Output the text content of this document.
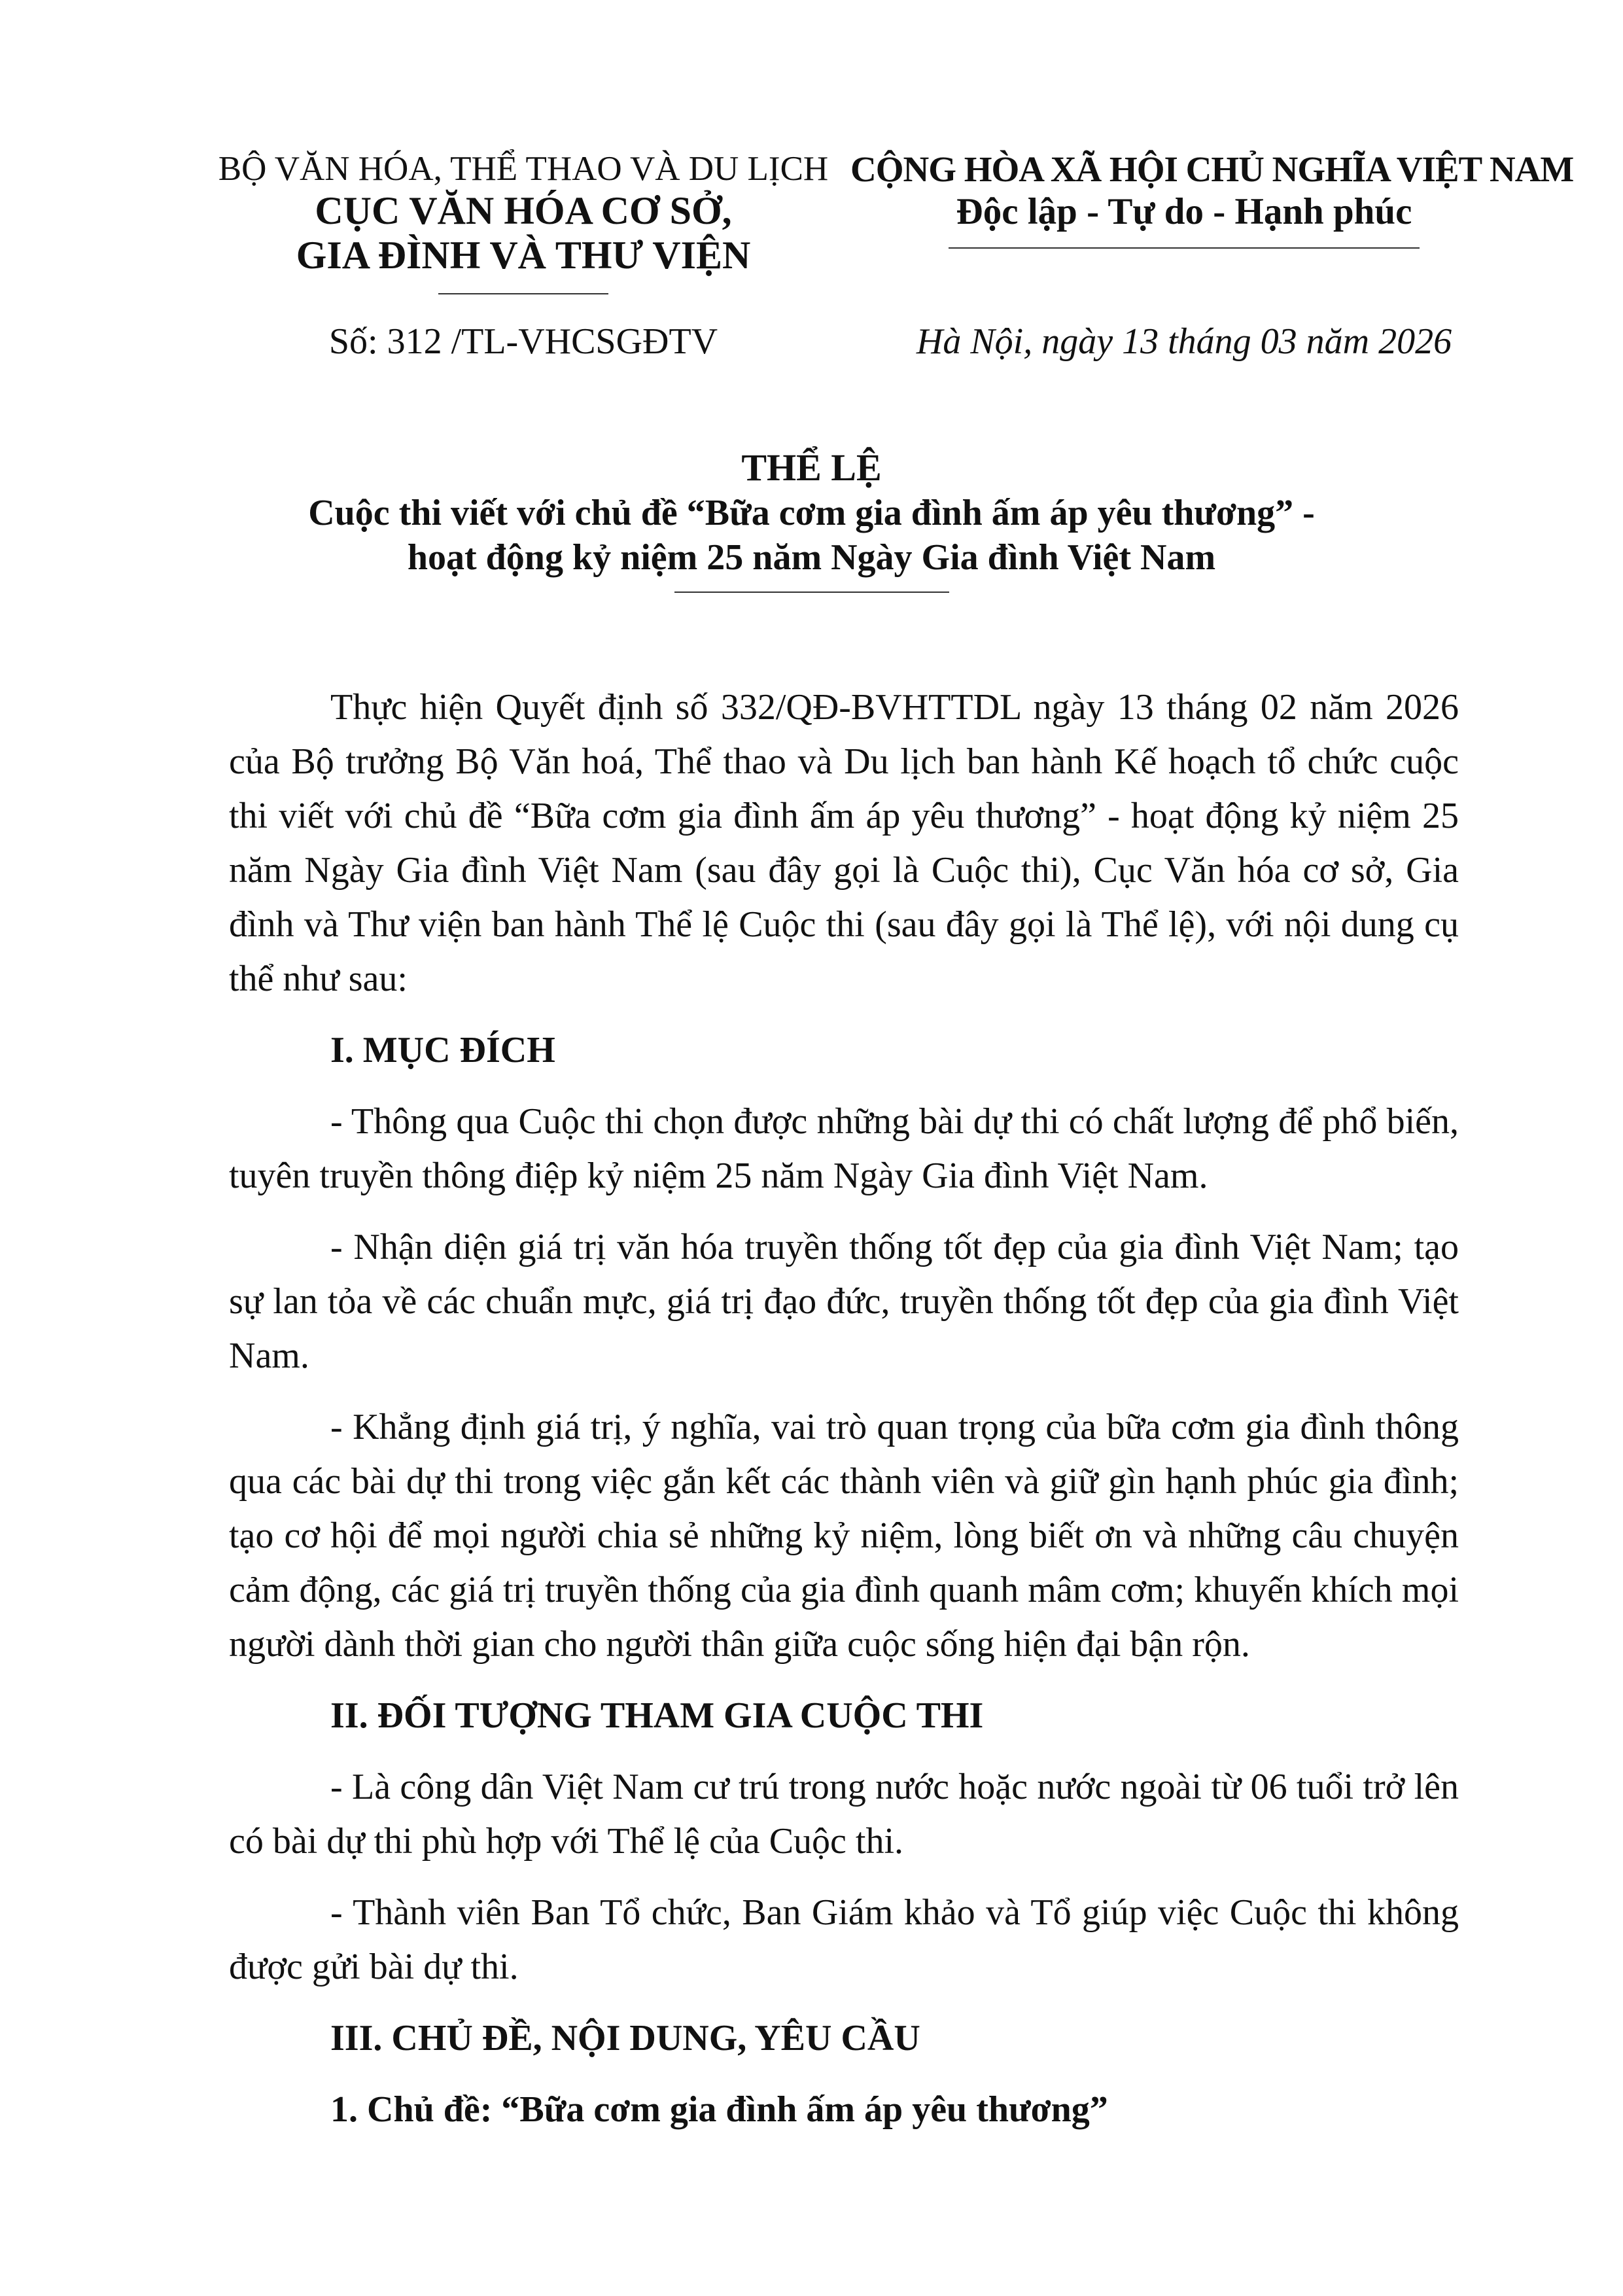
BỘ VĂN HÓA, THỂ THAO VÀ DU LỊCH
CỤC VĂN HÓA CƠ SỞ,
GIA ĐÌNH VÀ THƯ VIỆN
CỘNG HÒA XÃ HỘI CHỦ NGHĨA VIỆT NAM
Độc lập - Tự do - Hạnh phúc
Số: 312 /TL-VHCSGĐTV	Hà Nội, ngày 13 tháng 03 năm 2026
THỂ LỆ
Cuộc thi viết với chủ đề “Bữa cơm gia đình ấm áp yêu thương” -
hoạt động kỷ niệm 25 năm Ngày Gia đình Việt Nam

Thực hiện Quyết định số 332/QĐ-BVHTTDL ngày 13 tháng 02 năm 2026 của Bộ trưởng Bộ Văn hoá, Thể thao và Du lịch ban hành Kế hoạch tổ chức cuộc thi viết với chủ đề “Bữa cơm gia đình ấm áp yêu thương” - hoạt động kỷ niệm 25 năm Ngày Gia đình Việt Nam (sau đây gọi là Cuộc thi), Cục Văn hóa cơ sở, Gia đình và Thư viện ban hành Thể lệ Cuộc thi (sau đây gọi là Thể lệ), với nội dung cụ thể như sau:

I. MỤC ĐÍCH

- Thông qua Cuộc thi chọn được những bài dự thi có chất lượng để phổ biến, tuyên truyền thông điệp kỷ niệm 25 năm Ngày Gia đình Việt Nam.

- Nhận diện giá trị văn hóa truyền thống tốt đẹp của gia đình Việt Nam; tạo sự lan tỏa về các chuẩn mực, giá trị đạo đức, truyền thống tốt đẹp của gia đình Việt Nam.

- Khẳng định giá trị, ý nghĩa, vai trò quan trọng của bữa cơm gia đình thông qua các bài dự thi trong việc gắn kết các thành viên và giữ gìn hạnh phúc gia đình; tạo cơ hội để mọi người chia sẻ những kỷ niệm, lòng biết ơn và những câu chuyện cảm động, các giá trị truyền thống của gia đình quanh mâm cơm; khuyến khích mọi người dành thời gian cho người thân giữa cuộc sống hiện đại bận rộn.

II. ĐỐI TƯỢNG THAM GIA CUỘC THI

- Là công dân Việt Nam cư trú trong nước hoặc nước ngoài từ 06 tuổi trở lên có bài dự thi phù hợp với Thể lệ của Cuộc thi.

- Thành viên Ban Tổ chức, Ban Giám khảo và Tổ giúp việc Cuộc thi không được gửi bài dự thi.

III. CHỦ ĐỀ, NỘI DUNG, YÊU CẦU

1. Chủ đề: “Bữa cơm gia đình ấm áp yêu thương”
